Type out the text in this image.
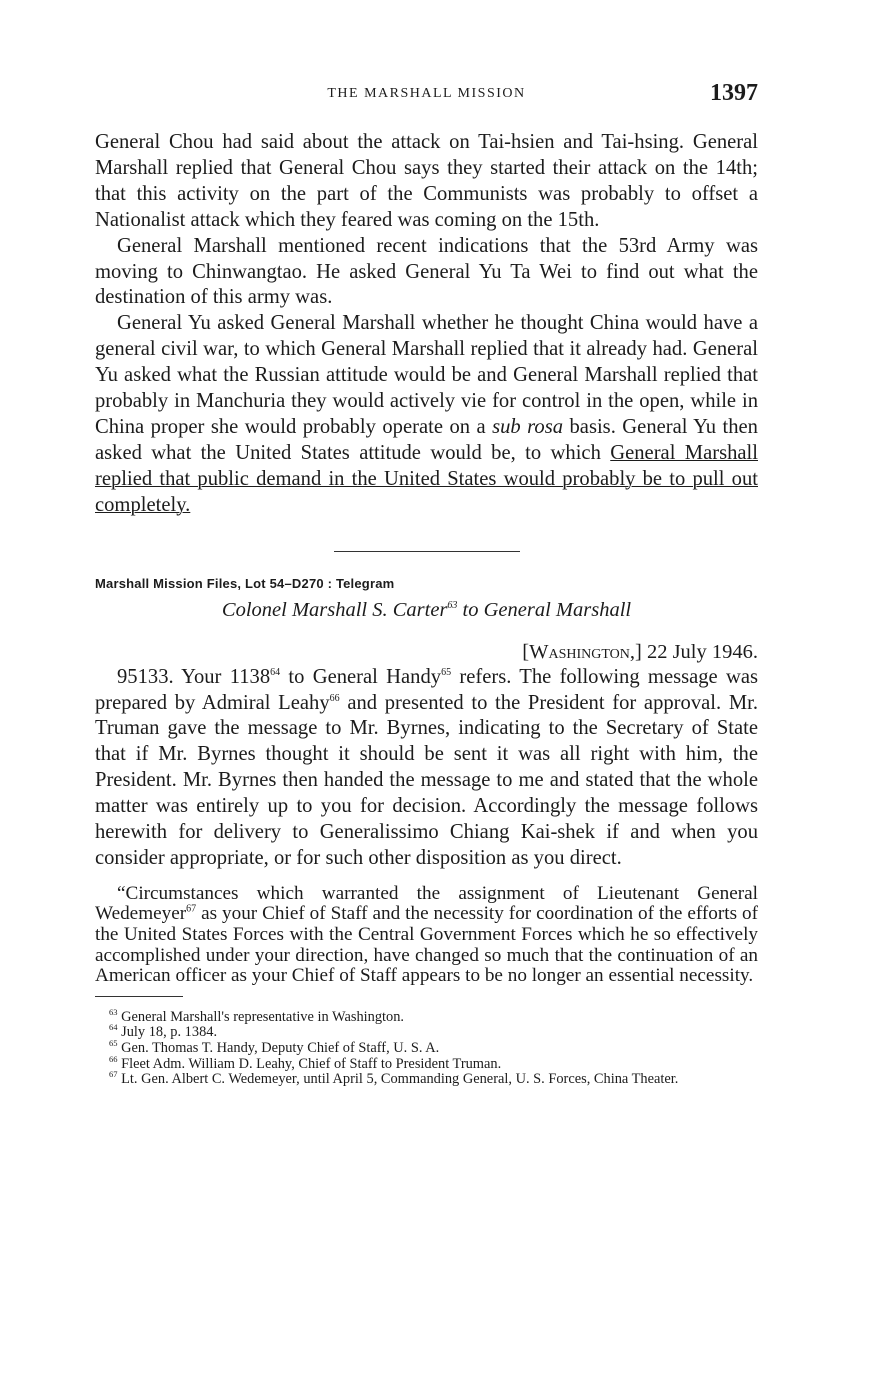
THE MARSHALL MISSION	1397

General Chou had said about the attack on Tai-hsien and Tai-hsing. General Marshall replied that General Chou says they started their attack on the 14th; that this activity on the part of the Communists was probably to offset a Nationalist attack which they feared was coming on the 15th.

General Marshall mentioned recent indications that the 53rd Army was moving to Chinwangtao. He asked General Yu Ta Wei to find out what the destination of this army was.

General Yu asked General Marshall whether he thought China would have a general civil war, to which General Marshall replied that it already had. General Yu asked what the Russian attitude would be and General Marshall replied that probably in Manchuria they would actively vie for control in the open, while in China proper she would probably operate on a sub rosa basis. General Yu then asked what the United States attitude would be, to which General Marshall replied that public demand in the United States would probably be to pull out completely.

Marshall Mission Files, Lot 54–D270 : Telegram

Colonel Marshall S. Carter$^{63}$ to General Marshall

[Washington,] 22 July 1946.

95133. Your 1138$^{64}$ to General Handy$^{65}$ refers. The following message was prepared by Admiral Leahy$^{66}$ and presented to the President for approval. Mr. Truman gave the message to Mr. Byrnes, indicating to the Secretary of State that if Mr. Byrnes thought it should be sent it was all right with him, the President. Mr. Byrnes then handed the message to me and stated that the whole matter was entirely up to you for decision. Accordingly the message follows herewith for delivery to Generalissimo Chiang Kai-shek if and when you consider appropriate, or for such other disposition as you direct.

“Circumstances which warranted the assignment of Lieutenant General Wedemeyer$^{67}$ as your Chief of Staff and the necessity for coordination of the efforts of the United States Forces with the Central Government Forces which he so effectively accomplished under your direction, have changed so much that the continuation of an American officer as your Chief of Staff appears to be no longer an essential necessity.

$^{63}$ General Marshall's representative in Washington.

$^{64}$ July 18, p. 1384.

$^{65}$ Gen. Thomas T. Handy, Deputy Chief of Staff, U. S. A.

$^{66}$ Fleet Adm. William D. Leahy, Chief of Staff to President Truman.

$^{67}$ Lt. Gen. Albert C. Wedemeyer, until April 5, Commanding General, U. S. Forces, China Theater.
